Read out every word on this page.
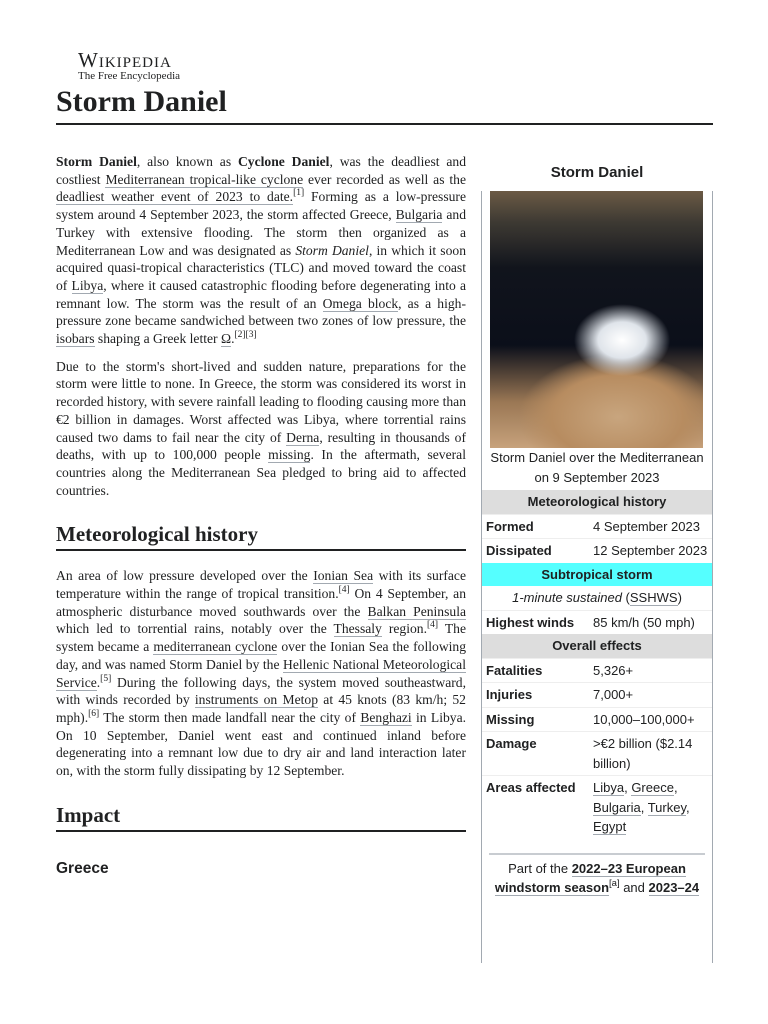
Wikipedia
The Free Encyclopedia
Storm Daniel

Storm Daniel, also known as Cyclone Daniel, was the deadliest and costliest Mediterranean tropical-like cyclone ever recorded as well as the deadliest weather event of 2023 to date.[1] Forming as a low-pressure system around 4 September 2023, the storm affected Greece, Bulgaria and Turkey with extensive flooding. The storm then organized as a Mediterranean Low and was designated as Storm Daniel, in which it soon acquired quasi-tropical characteristics (TLC) and moved toward the coast of Libya, where it caused catastrophic flooding before degenerating into a remnant low. The storm was the result of an Omega block, as a high-pressure zone became sandwiched between two zones of low pressure, the isobars shaping a Greek letter Ω.[2][3]

Due to the storm's short-lived and sudden nature, preparations for the storm were little to none. In Greece, the storm was considered its worst in recorded history, with severe rainfall leading to flooding causing more than €2 billion in damages. Worst affected was Libya, where torrential rains caused two dams to fail near the city of Derna, resulting in thousands of deaths, with up to 100,000 people missing. In the aftermath, several countries along the Mediterranean Sea pledged to bring aid to affected countries.

Meteorological history

An area of low pressure developed over the Ionian Sea with its surface temperature within the range of tropical transition.[4] On 4 September, an atmospheric disturbance moved southwards over the Balkan Peninsula which led to torrential rains, notably over the Thessaly region.[4] The system became a mediterranean cyclone over the Ionian Sea the following day, and was named Storm Daniel by the Hellenic National Meteorological Service.[5] During the following days, the system moved southeastward, with winds recorded by instruments on Metop at 45 knots (83 km/h; 52 mph).[6] The storm then made landfall near the city of Benghazi in Libya. On 10 September, Daniel went east and continued inland before degenerating into a remnant low due to dry air and land interaction later on, with the storm fully dissipating by 12 September.

Impact
Greece
Storm Daniel
Storm Daniel over the Mediterranean on 9 September 2023
Meteorological history
Formed	4 September 2023
Dissipated	12 September 2023
Subtropical storm
1-minute sustained (SSHWS)
Highest winds	85 km/h (50 mph)
Overall effects
Fatalities	5,326+
Injuries	7,000+
Missing	10,000–100,000+
Damage	>€2 billion ($2.14 billion)
Areas affected	Libya, Greece, Bulgaria, Turkey, Egypt
Part of the 2022–23 European windstorm season[a] and 2023–24
